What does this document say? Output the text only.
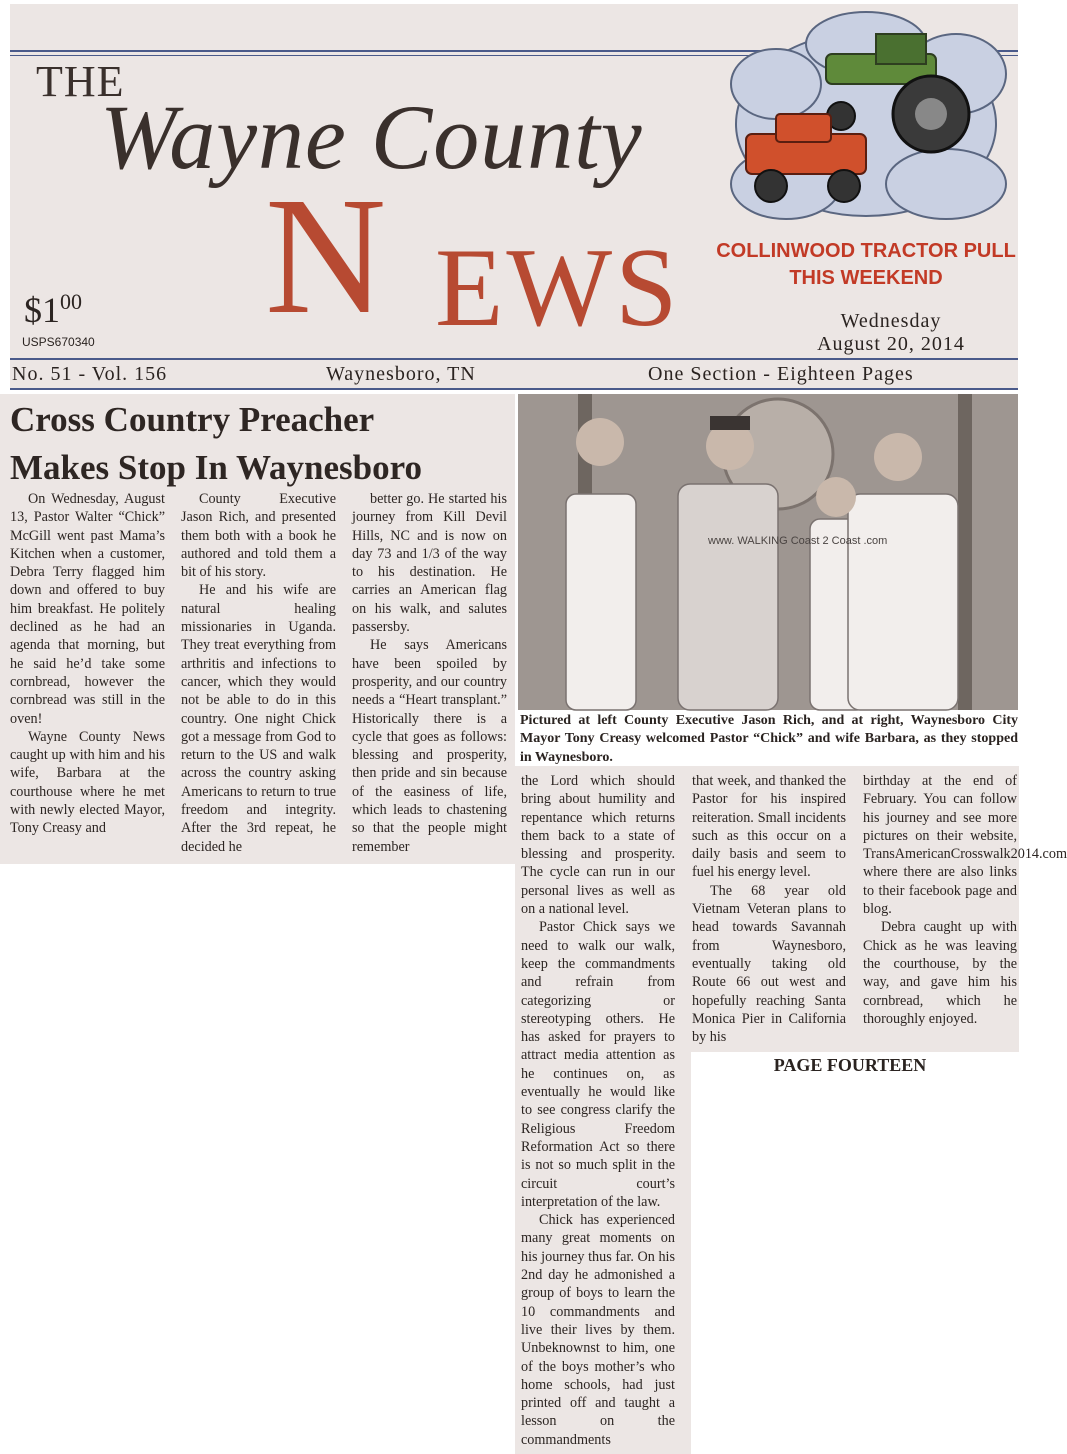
THE
Wayne County
N EWS
$\$1^{00}$
USPS670340
COLLINWOOD TRACTOR PULL
THIS WEEKEND
Wednesday
August 20, 2014
No. 51 - Vol. 156	Waynesboro, TN	One Section - Eighteen Pages
Cross Country Preacher
Makes Stop In Waynesboro

On Wednesday, August 13, Pastor Walter “Chick” McGill went past Mama’s Kitchen when a customer, Debra Terry flagged him down and offered to buy him breakfast. He politely declined as he had an agenda that morning, but he said he’d take some cornbread, however the cornbread was still in the oven!

Wayne County News caught up with him and his wife, Barbara at the courthouse where he met with newly elected Mayor, Tony Creasy and

County Executive Jason Rich, and presented them both with a book he authored and told them a bit of his story.

He and his wife are natural healing missionaries in Uganda. They treat everything from arthritis and infections to cancer, which they would not be able to do in this country. One night Chick got a message from God to return to the US and walk across the country asking Americans to return to true freedom and integrity. After the 3rd repeat, he decided he

better go. He started his journey from Kill Devil Hills, NC and is now on day 73 and 1/3 of the way to his destination. He carries an American flag on his walk, and salutes passersby.

He says Americans have been spoiled by prosperity, and our country needs a “Heart transplant.” Historically there is a cycle that goes as follows: blessing and prosperity, then pride and sin because of the easiness of life, which leads to chastening so that the people might remember

www. WALKING Coast 2 Coast .com
Pictured at left County Executive Jason Rich, and at right, Waynesboro City Mayor Tony Creasy welcomed Pastor “Chick” and wife Barbara, as they stopped in Waynesboro.

the Lord which should bring about humility and repentance which returns them back to a state of blessing and prosperity. The cycle can run in our personal lives as well as on a national level.

Pastor Chick says we need to walk our walk, keep the commandments and refrain from categorizing or stereotyping others. He has asked for prayers to attract media attention as he continues on, as eventually he would like to see congress clarify the Religious Freedom Reformation Act so there is not so much split in the circuit court’s interpretation of the law.

Chick has experienced many great moments on his journey thus far. On his 2nd day he admonished a group of boys to learn the 10 commandments and live their lives by them. Unbeknownst to him, one of the boys mother’s who home schools, had just printed off and taught a lesson on the commandments

that week, and thanked the Pastor for his inspired reiteration. Small incidents such as this occur on a daily basis and seem to fuel his energy level.

The 68 year old Vietnam Veteran plans to head towards Savannah from Waynesboro, eventually taking old Route 66 out west and hopefully reaching Santa Monica Pier in California by his

birthday at the end of February. You can follow his journey and see more pictures on their website, TransAmericanCrosswalk2014.com where there are also links to their facebook page and blog.

Debra caught up with Chick as he was leaving the courthouse, by the way, and gave him his cornbread, which he thoroughly enjoyed.

PAGE FOURTEEN
